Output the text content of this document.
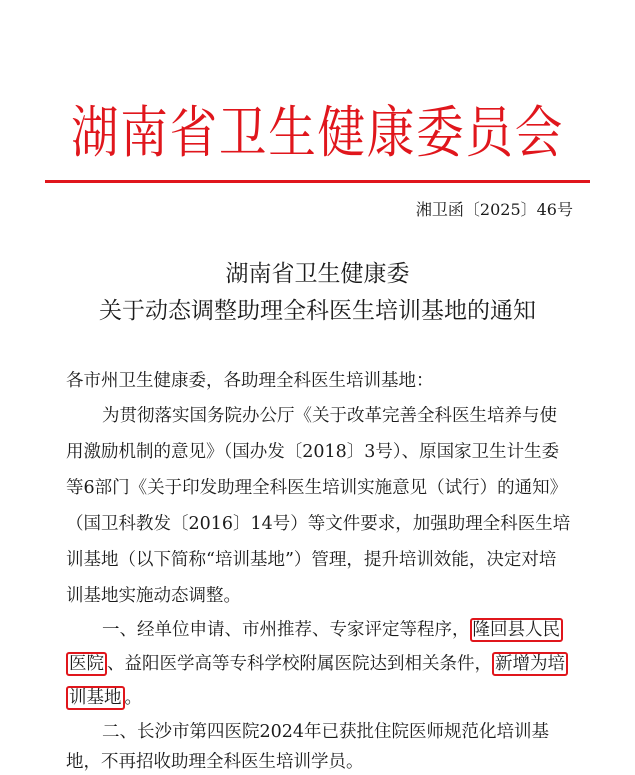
湖南省卫生健康委员会
湘卫函〔2025〕46号
湖南省卫生健康委
关于动态调整助理全科医生培训基地的通知
各市州卫生健康委，各助理全科医生培训基地：
为贯彻落实国务院办公厅《关于改革完善全科医生培养与使
用激励机制的意见》（国办发〔2018〕3号）、原国家卫生计生委
等6部门《关于印发助理全科医生培训实施意见（试行）的通知》
（国卫科教发〔2016〕14号）等文件要求，加强助理全科医生培
训基地（以下简称“培训基地”）管理，提升培训效能，决定对培
训基地实施动态调整。
一、经单位申请、市州推荐、专家评定等程序， 隆回县人民
医院 、益阳医学高等专科学校附属医院达到相关条件， 新增为培
训基地 。
二、长沙市第四医院2024年已获批住院医师规范化培训基
地，不再招收助理全科医生培训学员。
